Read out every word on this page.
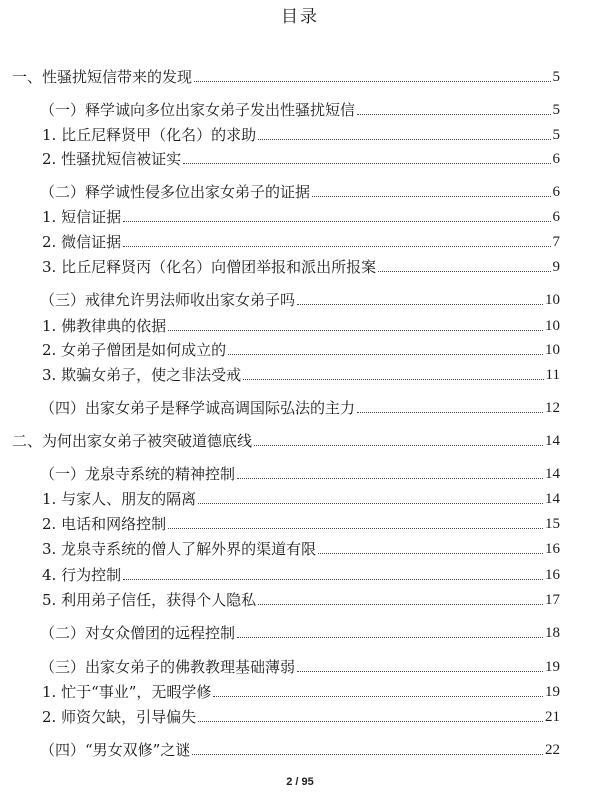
目录
一、性骚扰短信带来的发现	5
（一）释学诚向多位出家女弟子发出性骚扰短信	5
1. 比丘尼释贤甲（化名）的求助	5
2. 性骚扰短信被证实	6
（二）释学诚性侵多位出家女弟子的证据	6
1. 短信证据	6
2. 微信证据	7
3. 比丘尼释贤丙（化名）向僧团举报和派出所报案	9
（三）戒律允许男法师收出家女弟子吗	10
1. 佛教律典的依据	10
2. 女弟子僧团是如何成立的	10
3. 欺骗女弟子，使之非法受戒	11
（四）出家女弟子是释学诚高调国际弘法的主力	12
二、为何出家女弟子被突破道德底线	14
（一）龙泉寺系统的精神控制	14
1. 与家人、朋友的隔离	14
2. 电话和网络控制	15
3. 龙泉寺系统的僧人了解外界的渠道有限	16
4. 行为控制	16
5. 利用弟子信任，获得个人隐私	17
（二）对女众僧团的远程控制	18
（三）出家女弟子的佛教教理基础薄弱	19
1. 忙于“事业”，无暇学修	19
2. 师资欠缺，引导偏失	21
（四）“男女双修”之谜	22
2 / 95
